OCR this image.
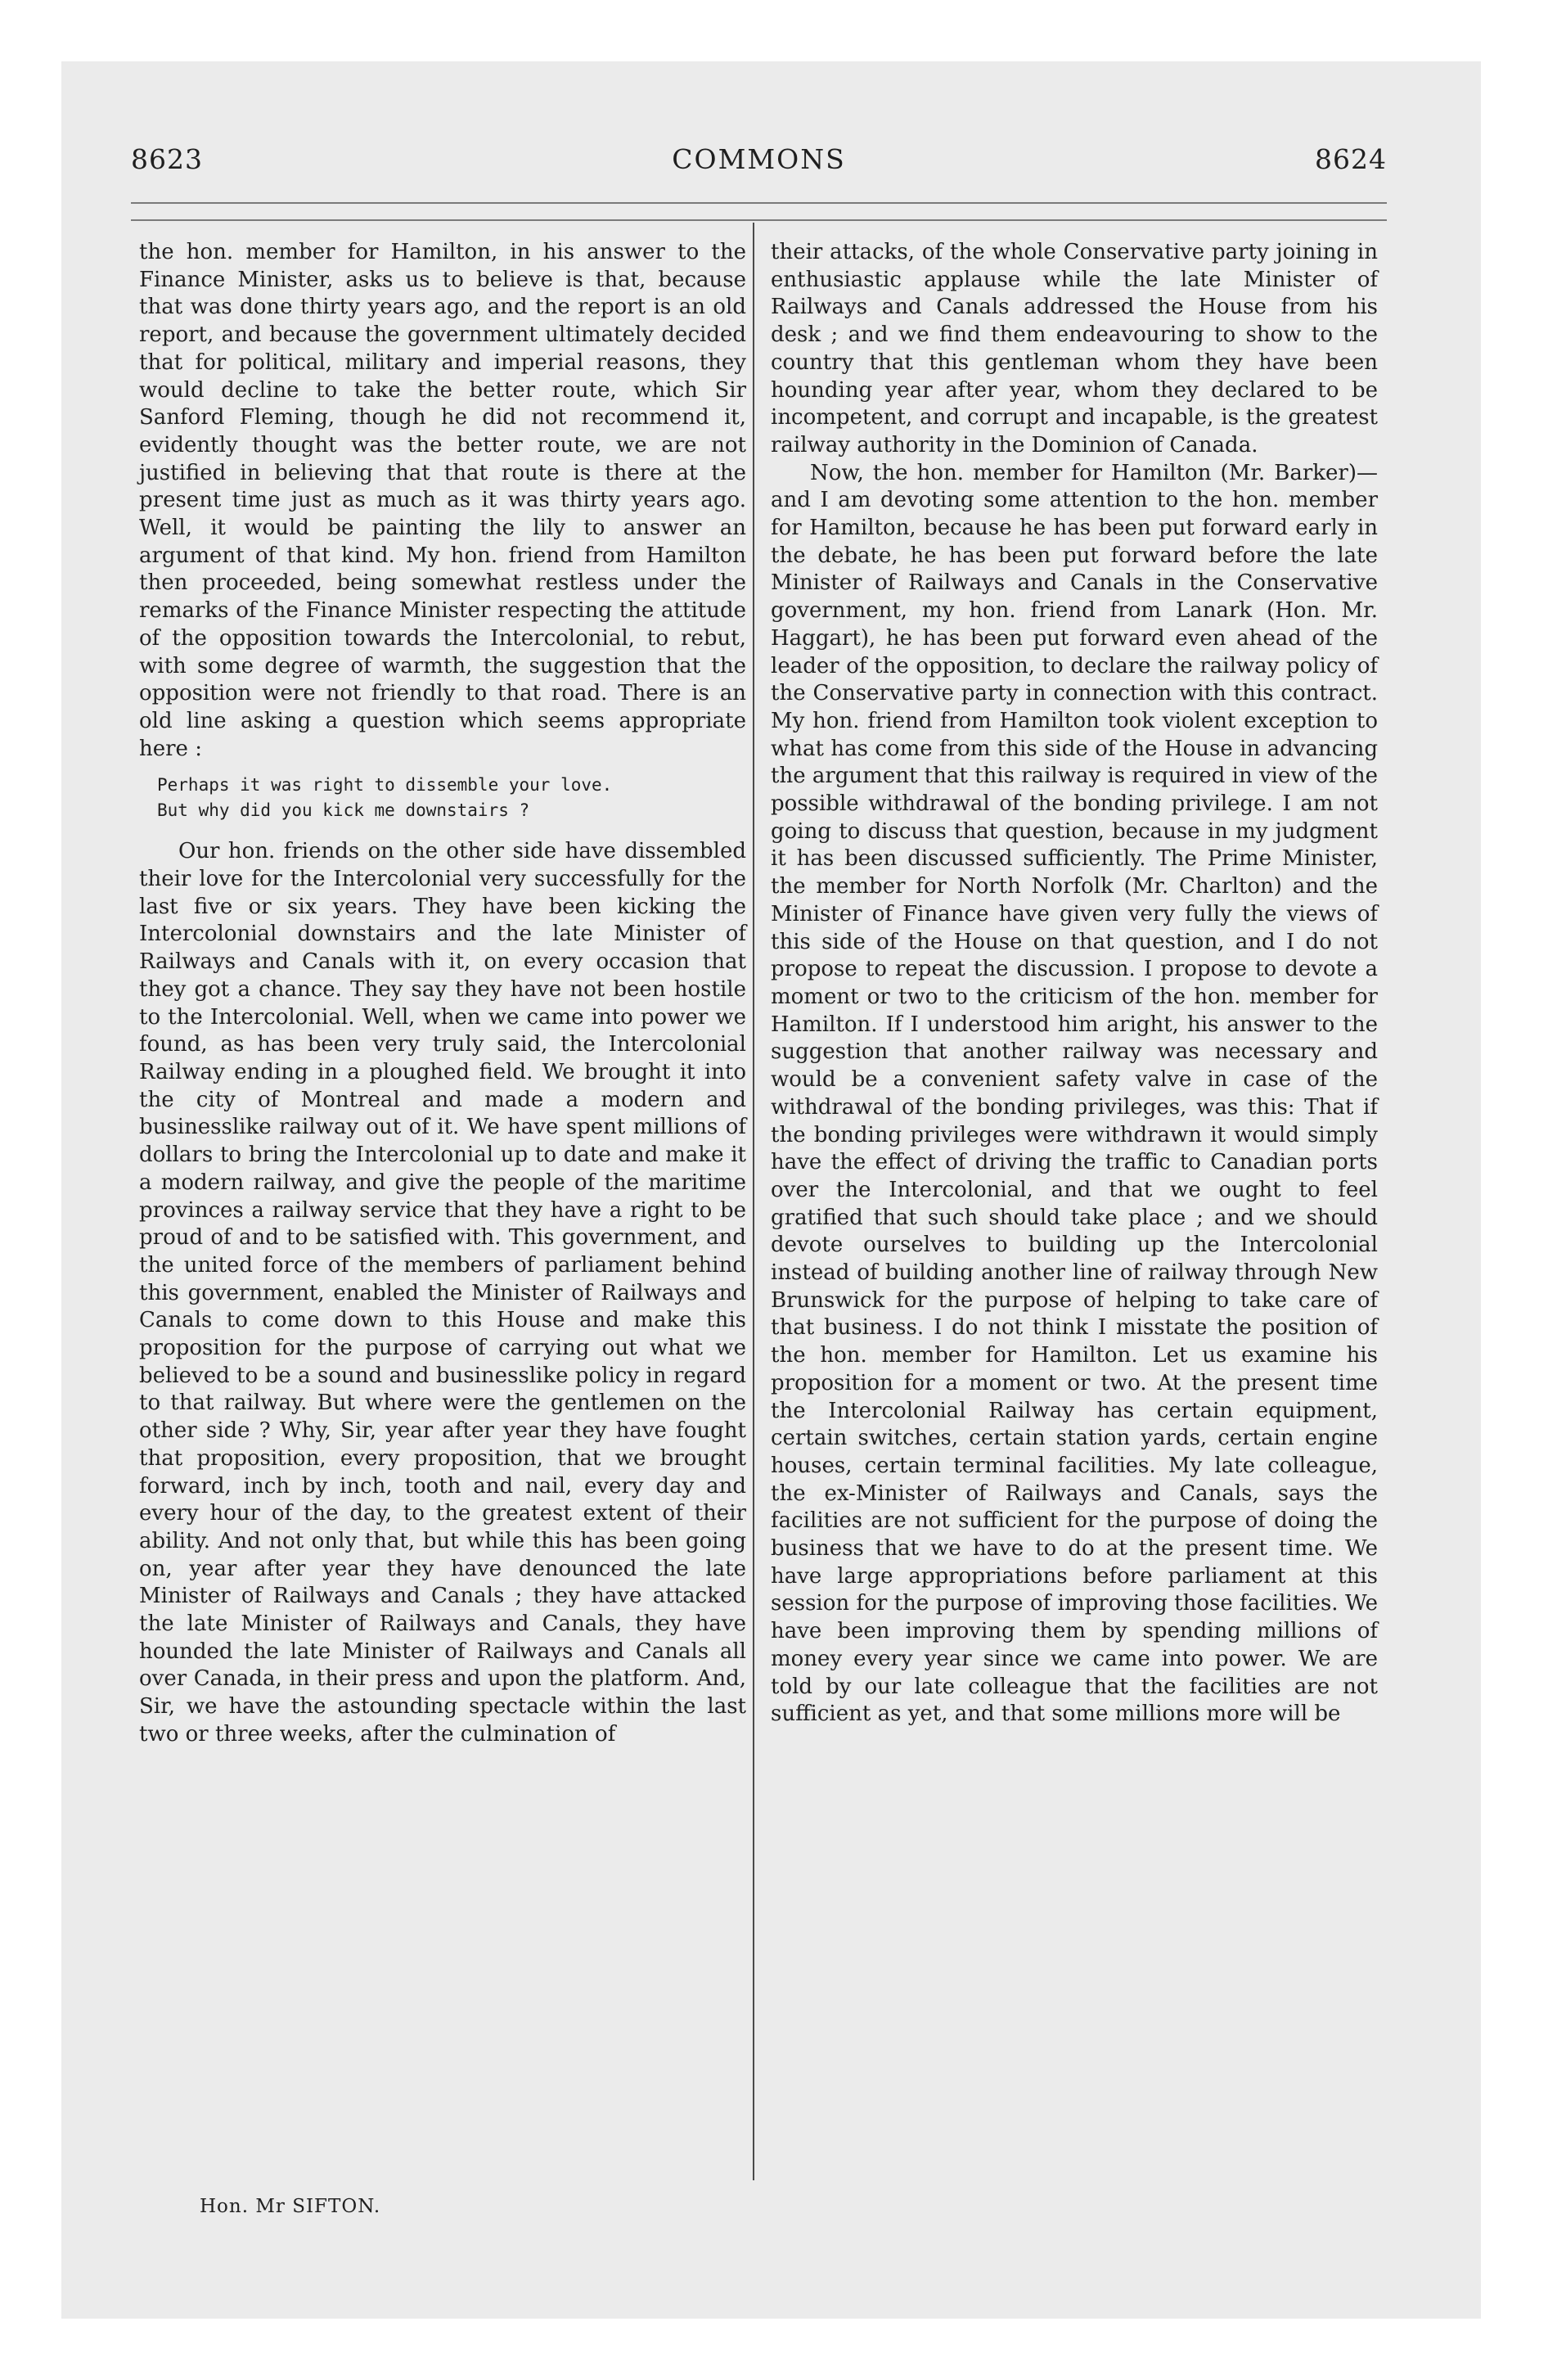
8623	COMMONS	8624

the hon. member for Hamilton, in his answer to the Finance Minister, asks us to believe is that, because that was done thirty years ago, and the report is an old report, and because the government ultimately decided that for political, military and imperial reasons, they would decline to take the better route, which Sir Sanford Fleming, though he did not recommend it, evidently thought was the better route, we are not justified in believing that that route is there at the present time just as much as it was thirty years ago. Well, it would be painting the lily to answer an argument of that kind. My hon. friend from Hamilton then proceeded, being somewhat restless under the remarks of the Finance Minister respecting the attitude of the opposition towards the Intercolonial, to rebut, with some degree of warmth, the suggestion that the opposition were not friendly to that road. There is an old line asking a question which seems appropriate here :

Perhaps it was right to dissemble your love.
But why did you kick me downstairs ?

Our hon. friends on the other side have dissembled their love for the Intercolonial very successfully for the last five or six years. They have been kicking the Intercolonial downstairs and the late Minister of Railways and Canals with it, on every occasion that they got a chance. They say they have not been hostile to the Intercolonial. Well, when we came into power we found, as has been very truly said, the Intercolonial Railway ending in a ploughed field. We brought it into the city of Montreal and made a modern and businesslike railway out of it. We have spent millions of dollars to bring the Intercolonial up to date and make it a modern railway, and give the people of the maritime provinces a railway service that they have a right to be proud of and to be satisfied with. This government, and the united force of the members of parliament behind this government, enabled the Minister of Railways and Canals to come down to this House and make this proposition for the purpose of carrying out what we believed to be a sound and businesslike policy in regard to that railway. But where were the gentlemen on the other side ? Why, Sir, year after year they have fought that proposition, every proposition, that we brought forward, inch by inch, tooth and nail, every day and every hour of the day, to the greatest extent of their ability. And not only that, but while this has been going on, year after year they have denounced the late Minister of Railways and Canals ; they have attacked the late Minister of Railways and Canals, they have hounded the late Minister of Railways and Canals all over Canada, in their press and upon the platform. And, Sir, we have the astounding spectacle within the last two or three weeks, after the culmination of

their attacks, of the whole Conservative party joining in enthusiastic applause while the late Minister of Railways and Canals addressed the House from his desk ; and we find them endeavouring to show to the country that this gentleman whom they have been hounding year after year, whom they declared to be incompetent, and corrupt and incapable, is the greatest railway authority in the Dominion of Canada.

Now, the hon. member for Hamilton (Mr. Barker)—and I am devoting some attention to the hon. member for Hamilton, because he has been put forward early in the debate, he has been put forward before the late Minister of Railways and Canals in the Conservative government, my hon. friend from Lanark (Hon. Mr. Haggart), he has been put forward even ahead of the leader of the opposition, to declare the railway policy of the Conservative party in connection with this contract. My hon. friend from Hamilton took violent exception to what has come from this side of the House in advancing the argument that this railway is required in view of the possible withdrawal of the bonding privilege. I am not going to discuss that question, because in my judgment it has been discussed sufficiently. The Prime Minister, the member for North Norfolk (Mr. Charlton) and the Minister of Finance have given very fully the views of this side of the House on that question, and I do not propose to repeat the discussion. I propose to devote a moment or two to the criticism of the hon. member for Hamilton. If I understood him aright, his answer to the suggestion that another railway was necessary and would be a convenient safety valve in case of the withdrawal of the bonding privileges, was this: That if the bonding privileges were withdrawn it would simply have the effect of driving the traffic to Canadian ports over the Intercolonial, and that we ought to feel gratified that such should take place ; and we should devote ourselves to building up the Intercolonial instead of building another line of railway through New Brunswick for the purpose of helping to take care of that business. I do not think I misstate the position of the hon. member for Hamilton. Let us examine his proposition for a moment or two. At the present time the Intercolonial Railway has certain equipment, certain switches, certain station yards, certain engine houses, certain terminal facilities. My late colleague, the ex-Minister of Railways and Canals, says the facilities are not sufficient for the purpose of doing the business that we have to do at the present time. We have large appropriations before parliament at this session for the purpose of improving those facilities. We have been improving them by spending millions of money every year since we came into power. We are told by our late colleague that the facilities are not sufficient as yet, and that some millions more will be

Hon. Mr SIFTON.
